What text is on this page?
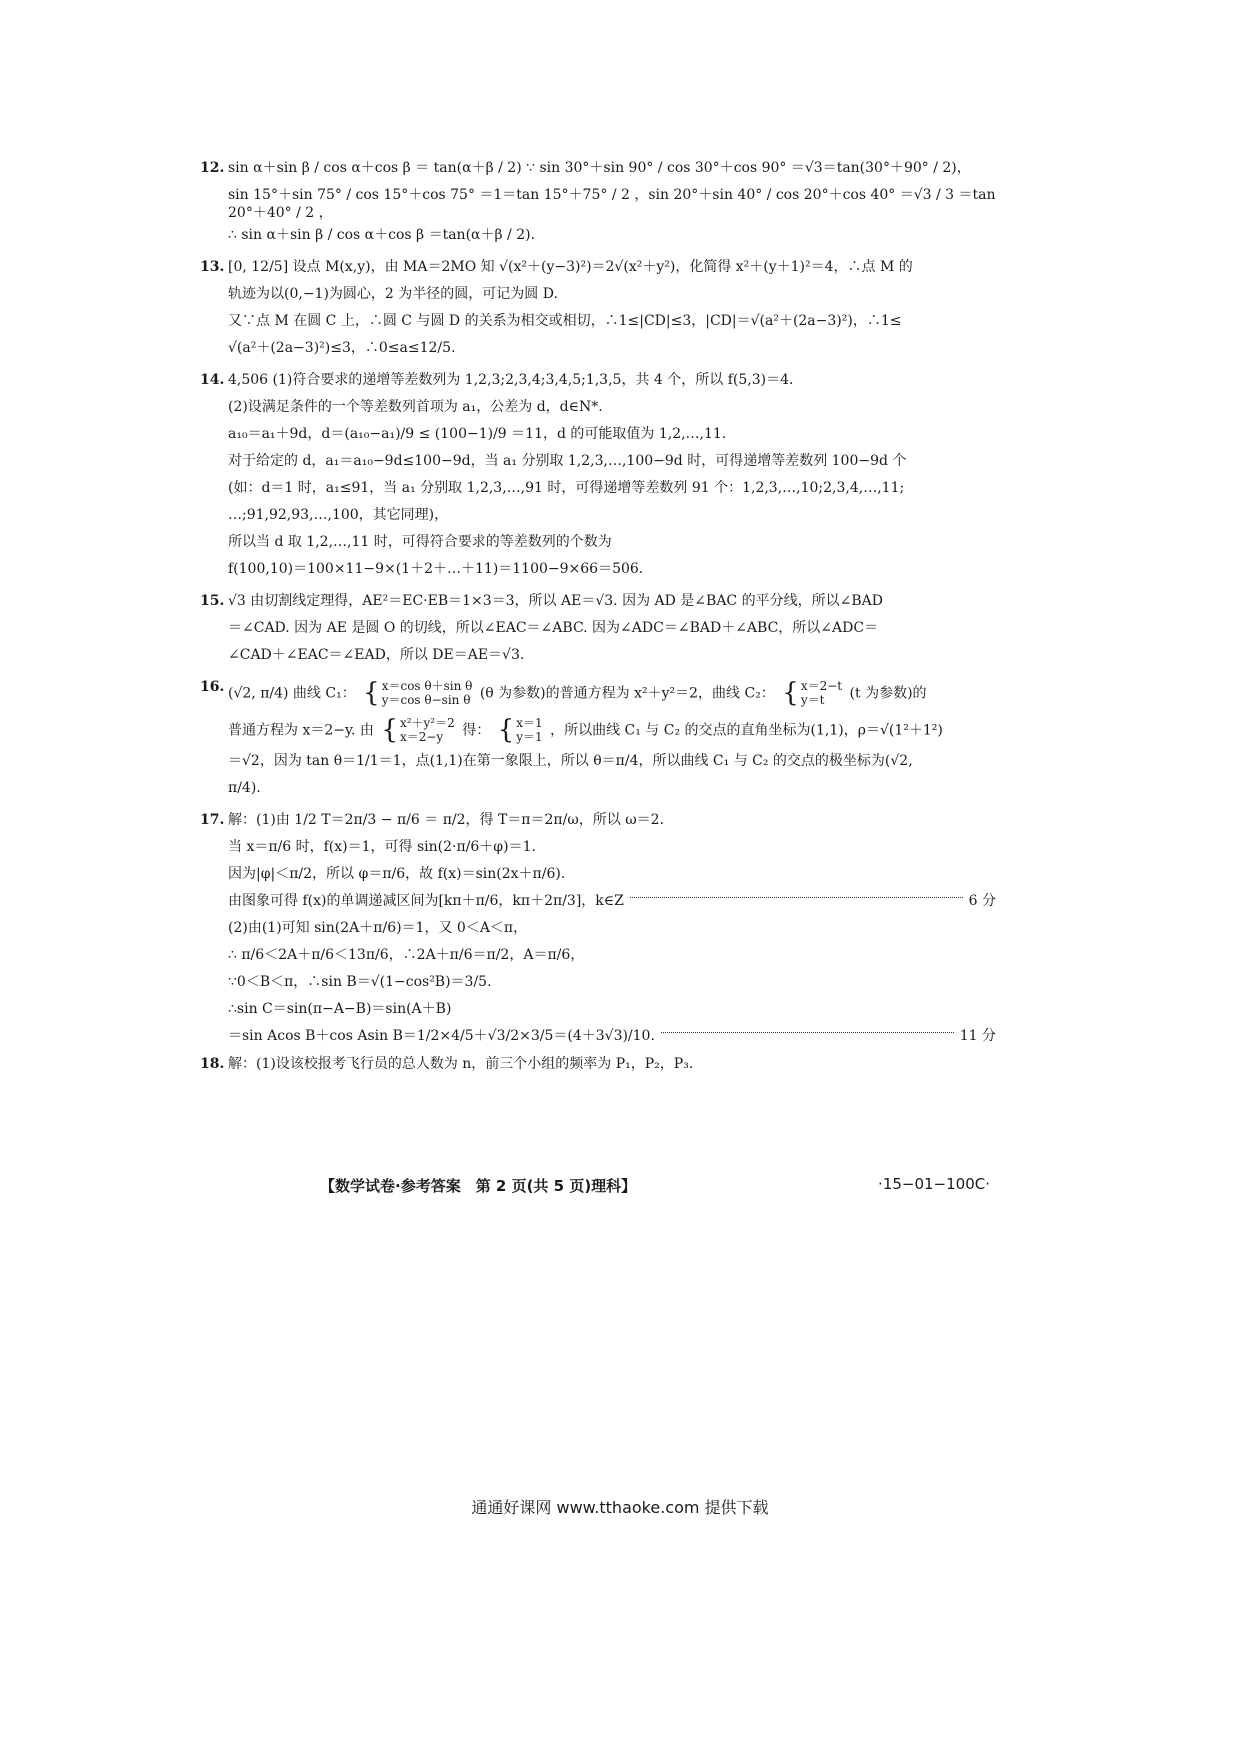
12. sin α＋sin β / cos α＋cos β ＝ tan(α＋β / 2) ∵ sin 30°＋sin 90° / cos 30°＋cos 90° ＝√3＝tan(30°＋90° / 2)，
sin 15°＋sin 75° / cos 15°＋cos 75° ＝1＝tan 15°＋75° / 2 ，sin 20°＋sin 40° / cos 20°＋cos 40° ＝√3 / 3 ＝tan 20°＋40° / 2 ，
∴ sin α＋sin β / cos α＋cos β ＝tan(α＋β / 2).
13. [0, 12/5] 设点 M(x,y)，由 MA＝2MO 知 √(x²＋(y−3)²)＝2√(x²＋y²)，化简得 x²＋(y＋1)²＝4，∴点 M 的
轨迹为以(0,−1)为圆心，2 为半径的圆，可记为圆 D.
又∵点 M 在圆 C 上，∴圆 C 与圆 D 的关系为相交或相切，∴1≤|CD|≤3，|CD|＝√(a²＋(2a−3)²)，∴1≤
√(a²＋(2a−3)²)≤3，∴0≤a≤12/5.
14. 4,506 (1)符合要求的递增等差数列为 1,2,3;2,3,4;3,4,5;1,3,5，共 4 个，所以 f(5,3)＝4.
(2)设满足条件的一个等差数列首项为 a₁，公差为 d，d∈N*.
a₁₀＝a₁＋9d，d＝(a₁₀−a₁)/9 ≤ (100−1)/9 ＝11，d 的可能取值为 1,2,…,11.
对于给定的 d，a₁＝a₁₀−9d≤100−9d，当 a₁ 分别取 1,2,3,…,100−9d 时，可得递增等差数列 100−9d 个
(如：d＝1 时，a₁≤91，当 a₁ 分别取 1,2,3,…,91 时，可得递增等差数列 91 个：1,2,3,…,10;2,3,4,…,11;
…;91,92,93,…,100，其它同理)，
所以当 d 取 1,2,…,11 时，可得符合要求的等差数列的个数为
f(100,10)＝100×11−9×(1＋2＋…＋11)＝1100−9×66＝506.
15. √3 由切割线定理得，AE²＝EC·EB＝1×3＝3，所以 AE＝√3. 因为 AD 是∠BAC 的平分线，所以∠BAD
＝∠CAD. 因为 AE 是圆 O 的切线，所以∠EAC＝∠ABC. 因为∠ADC＝∠BAD＋∠ABC，所以∠ADC＝
∠CAD＋∠EAC＝∠EAD，所以 DE＝AE＝√3.
16. (√2, π/4) 曲线 C₁： { x＝cos θ＋sin θ
y＝cos θ−sin θ (θ 为参数)的普通方程为 x²＋y²＝2，曲线 C₂： { x＝2−t
y＝t	(t 为参数)的
普通方程为 x＝2−y. 由 { x²＋y²＝2
x＝2−y	得： { x＝1
y＝1 ，所以曲线 C₁ 与 C₂ 的交点的直角坐标为(1,1)，ρ＝√(1²＋1²)
＝√2，因为 tan θ＝1/1＝1，点(1,1)在第一象限上，所以 θ＝π/4，所以曲线 C₁ 与 C₂ 的交点的极坐标为(√2,
π/4).
17. 解：(1)由 1/2 T＝2π/3 − π/6 ＝ π/2，得 T＝π＝2π/ω，所以 ω＝2.
当 x＝π/6 时，f(x)＝1，可得 sin(2·π/6＋φ)＝1.
因为|φ|＜π/2，所以 φ＝π/6，故 f(x)＝sin(2x＋π/6).
由图象可得 f(x)的单调递减区间为[kπ＋π/6，kπ＋2π/3]，k∈Z	6 分
(2)由(1)可知 sin(2A＋π/6)＝1，又 0＜A＜π，
∴ π/6＜2A＋π/6＜13π/6，∴2A＋π/6＝π/2，A＝π/6，
∵0＜B＜π，∴sin B＝√(1−cos²B)＝3/5.
∴sin C＝sin(π−A−B)＝sin(A＋B)
＝sin Acos B＋cos Asin B＝1/2×4/5＋√3/2×3/5＝(4＋3√3)/10.	11 分
18. 解：(1)设该校报考飞行员的总人数为 n，前三个小组的频率为 P₁，P₂，P₃.
【数学试卷·参考答案　第 2 页(共 5 页)理科】	·15−01−100C·
通通好课网 www.tthaoke.com 提供下载
